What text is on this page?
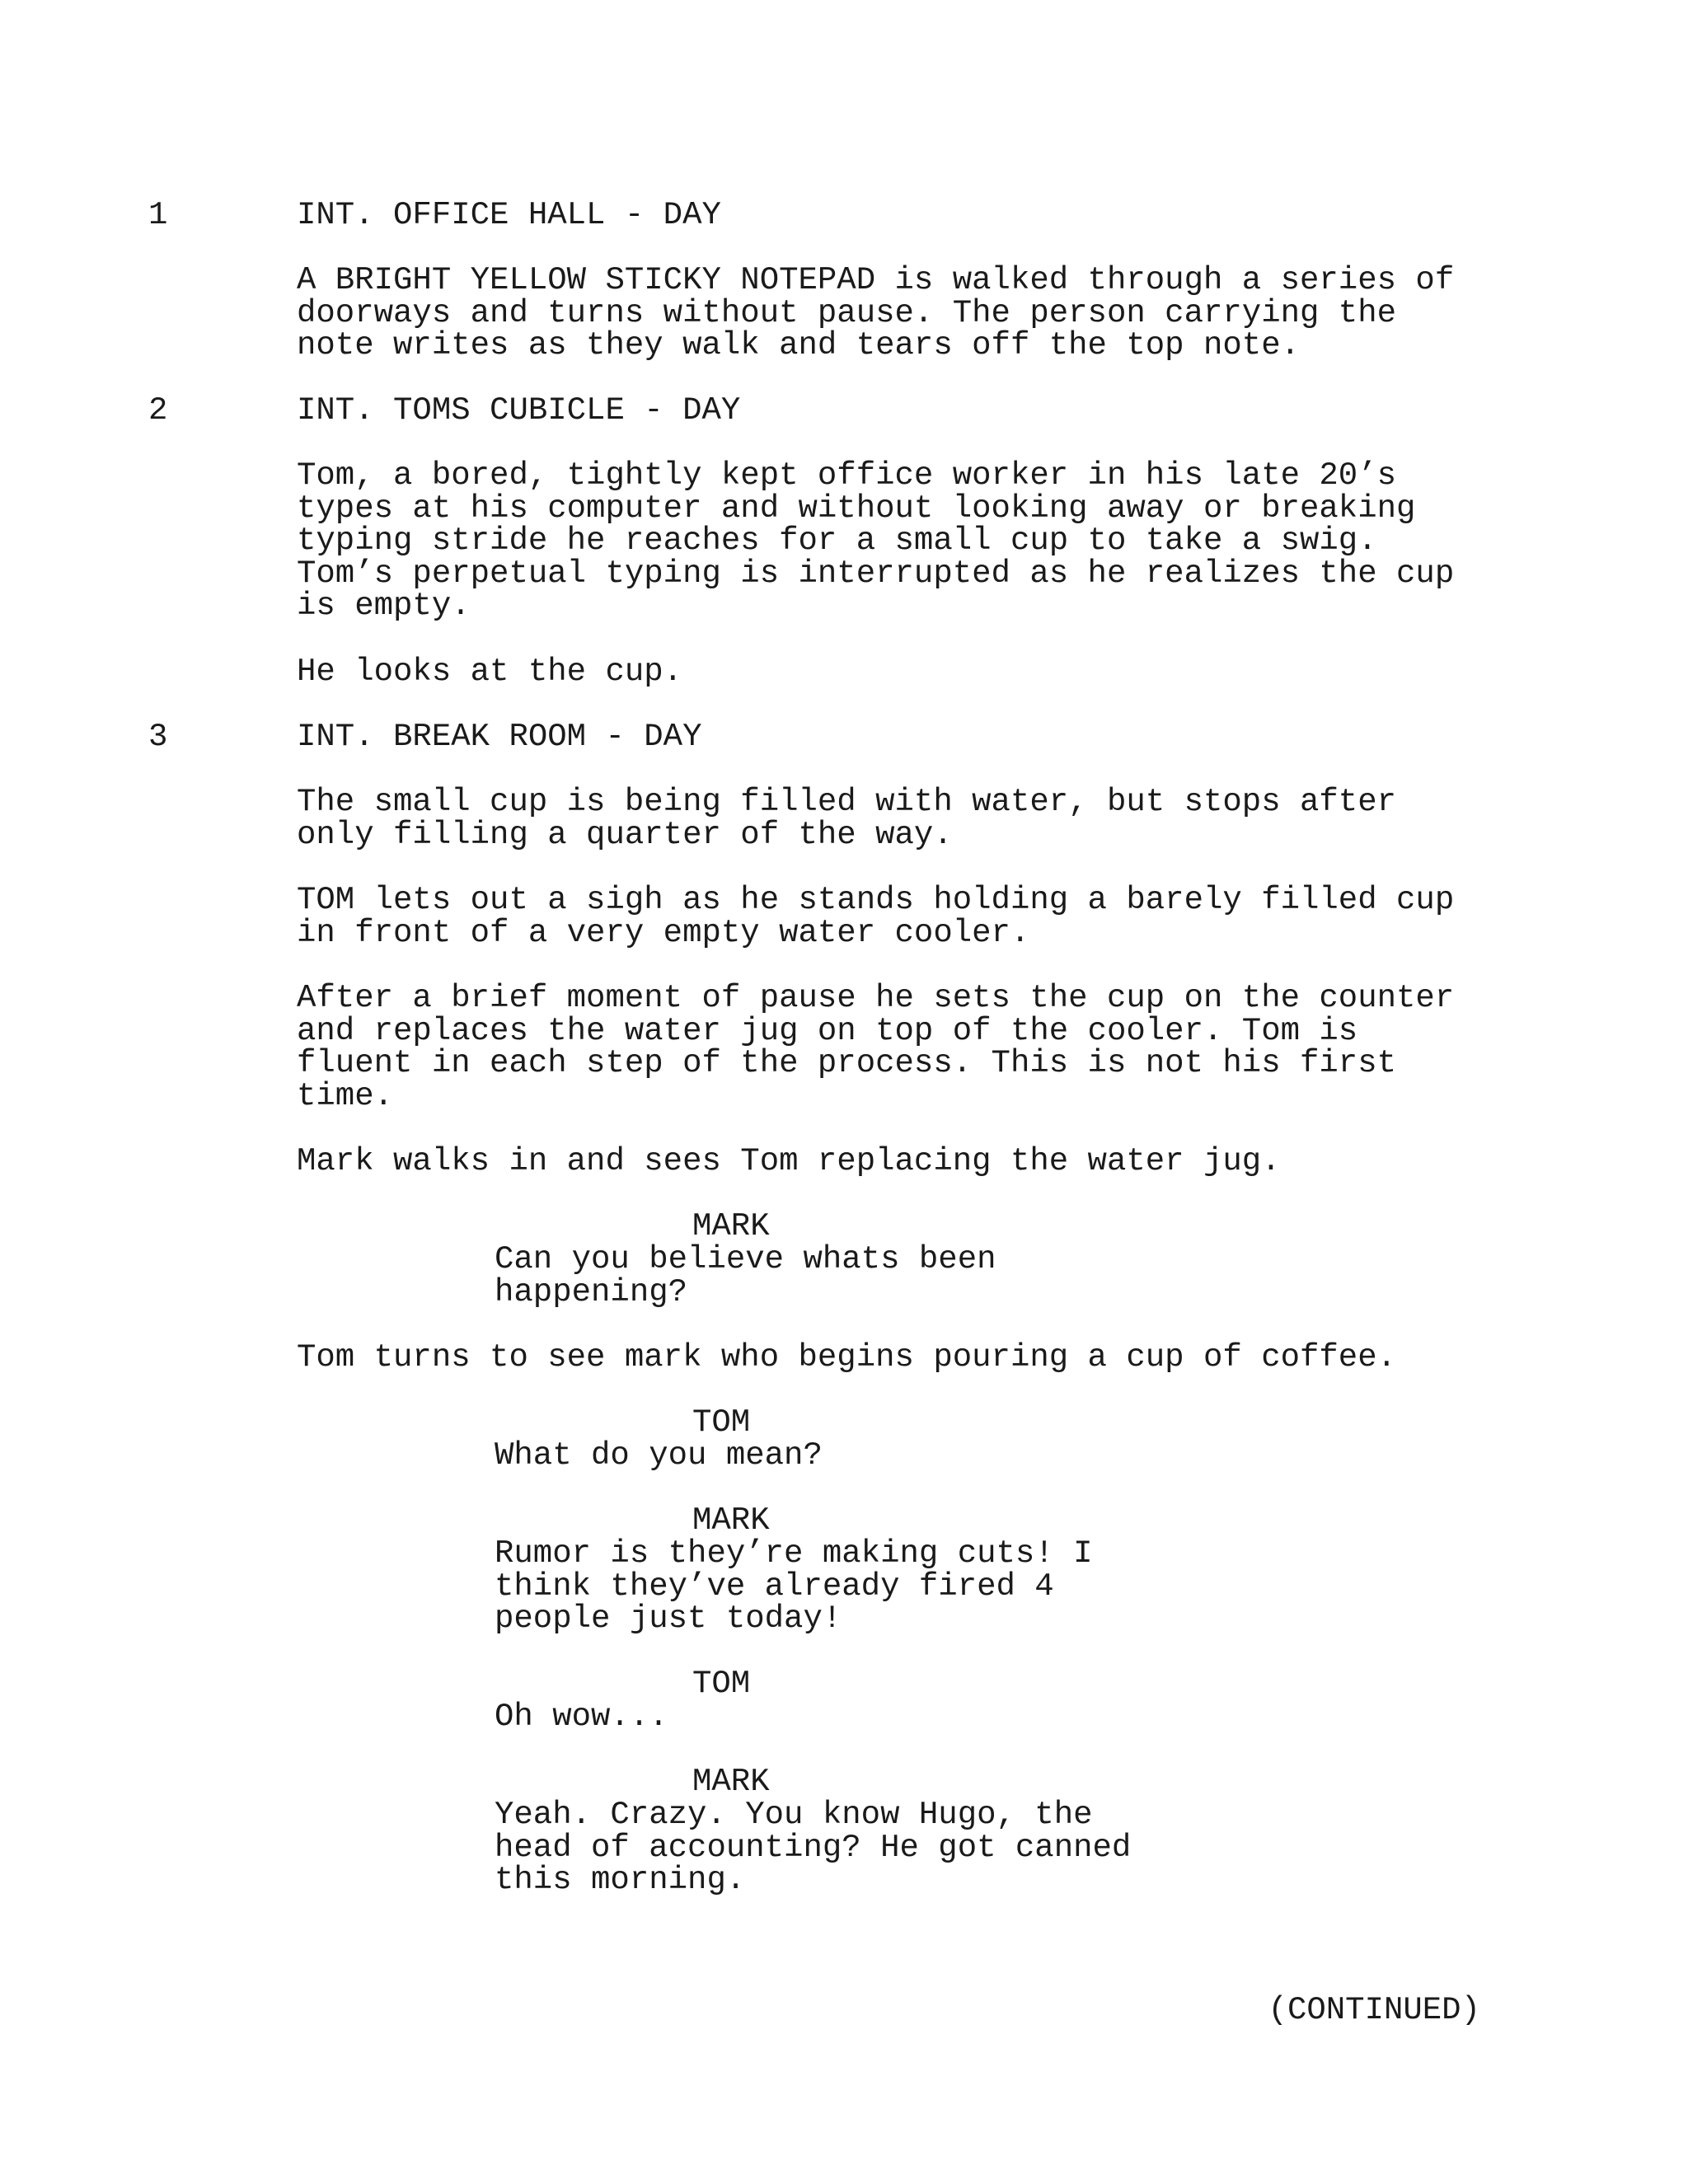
1	INT. OFFICE HALL - DAY
A BRIGHT YELLOW STICKY NOTEPAD is walked through a series of
doorways and turns without pause. The person carrying the
note writes as they walk and tears off the top note.
2	INT. TOMS CUBICLE - DAY
Tom, a bored, tightly kept office worker in his late 20’s
types at his computer and without looking away or breaking
typing stride he reaches for a small cup to take a swig.
Tom’s perpetual typing is interrupted as he realizes the cup
is empty.
He looks at the cup.
3	INT. BREAK ROOM - DAY
The small cup is being filled with water, but stops after
only filling a quarter of the way.
TOM lets out a sigh as he stands holding a barely filled cup
in front of a very empty water cooler.
After a brief moment of pause he sets the cup on the counter
and replaces the water jug on top of the cooler. Tom is
fluent in each step of the process. This is not his first
time.
Mark walks in and sees Tom replacing the water jug.
MARK
Can you believe whats been
happening?
Tom turns to see mark who begins pouring a cup of coffee.
TOM
What do you mean?
MARK
Rumor is they’re making cuts! I
think they’ve already fired 4
people just today!
TOM
Oh wow...
MARK
Yeah. Crazy. You know Hugo, the
head of accounting? He got canned
this morning.
(CONTINUED)
